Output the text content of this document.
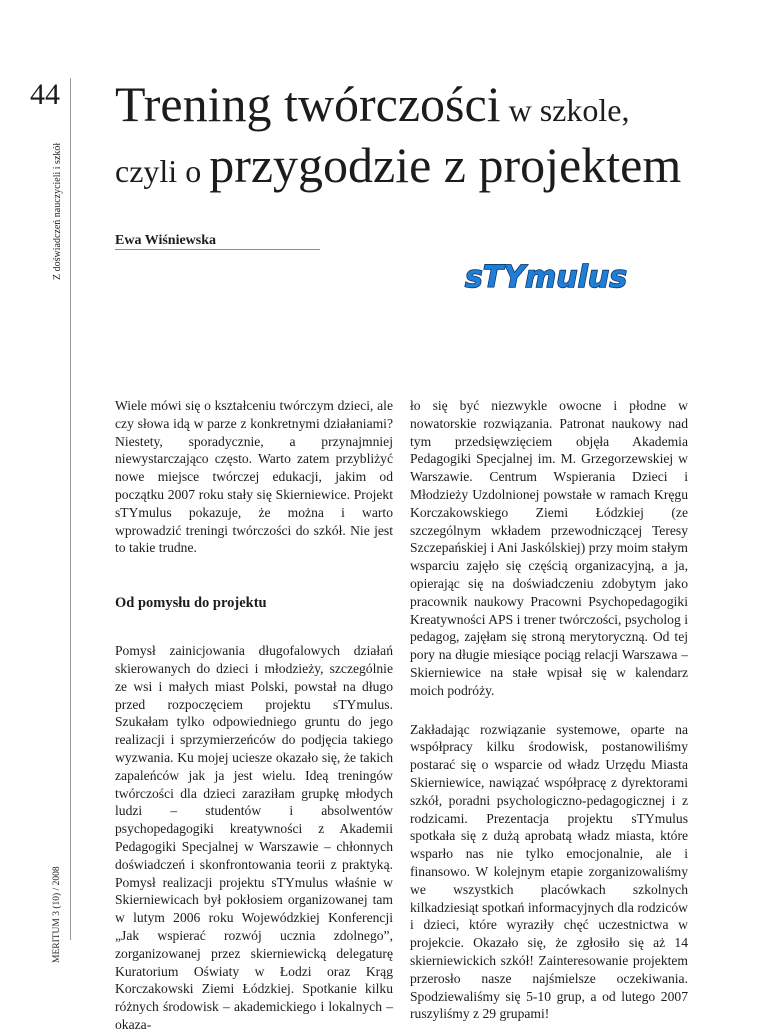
44
Z doświadczeń nauczycieli i szkół
MERITUM 3 (10) / 2008
Trening twórczości w szkole,
czyli o przygodzie z projektem
Ewa Wiśniewska
sTYmulus

Wiele mówi się o kształceniu twórczym dzieci, ale czy słowa idą w parze z konkretnymi działaniami? Niestety, sporadycznie, a przynajmniej niewystarczająco często. Warto zatem przybliżyć nowe miejsce twórczej edukacji, jakim od początku 2007 roku stały się Skierniewice. Projekt sTYmulus pokazuje, że można i warto wprowadzić treningi twórczości do szkół. Nie jest to takie trudne.

Od pomysłu do projektu

Pomysł zainicjowania długofalowych działań skierowanych do dzieci i młodzieży, szczególnie ze wsi i małych miast Polski, powstał na długo przed rozpoczęciem projektu sTYmulus. Szukałam tylko odpowiedniego gruntu do jego realizacji i sprzymierzeńców do podjęcia takiego wyzwania. Ku mojej uciesze okazało się, że takich zapaleńców jak ja jest wielu. Ideą treningów twórczości dla dzieci zaraziłam grupkę młodych ludzi – studentów i absolwentów psychopedagogiki kreatywności z Akademii Pedagogiki Specjalnej w Warszawie – chłonnych doświadczeń i skonfrontowania teorii z praktyką. Pomysł realizacji projektu sTYmulus właśnie w Skierniewicach był pokłosiem organizowanej tam w lutym 2006 roku Wojewódzkiej Konferencji „Jak wspierać rozwój ucznia zdolnego”, zorganizowanej przez skierniewicką delegaturę Kuratorium Oświaty w Łodzi oraz Krąg Korczakowski Ziemi Łódzkiej. Spotkanie kilku różnych środowisk – akademickiego i lokalnych – okaza-

ło się być niezwykle owocne i płodne w nowatorskie rozwiązania. Patronat naukowy nad tym przedsięwzięciem objęła Akademia Pedagogiki Specjalnej im. M. Grzegorzewskiej w Warszawie. Centrum Wspierania Dzieci i Młodzieży Uzdolnionej powstałe w ramach Kręgu Korczakowskiego Ziemi Łódzkiej (ze szczególnym wkładem przewodniczącej Teresy Szczepańskiej i Ani Jaskólskiej) przy moim stałym wsparciu zajęło się częścią organizacyjną, a ja, opierając się na doświadczeniu zdobytym jako pracownik naukowy Pracowni Psychopedagogiki Kreatywności APS i trener twórczości, psycholog i pedagog, zajęłam się stroną merytoryczną. Od tej pory na długie miesiące pociąg relacji Warszawa – Skierniewice na stałe wpisał się w kalendarz moich podróży.

Zakładając rozwiązanie systemowe, oparte na współpracy kilku środowisk, postanowiliśmy postarać się o wsparcie od władz Urzędu Miasta Skierniewice, nawiązać współpracę z dyrektorami szkół, poradni psychologiczno-pedagogicznej i z rodzicami. Prezentacja projektu sTYmulus spotkała się z dużą aprobatą władz miasta, które wsparło nas nie tylko emocjonalnie, ale i finansowo. W kolejnym etapie zorganizowaliśmy we wszystkich placówkach szkolnych kilkadziesiąt spotkań informacyjnych dla rodziców i dzieci, które wyraziły chęć uczestnictwa w projekcie. Okazało się, że zgłosiło się aż 14 skierniewickich szkół! Zainteresowanie projektem przerosło nasze najśmielsze oczekiwania. Spodziewaliśmy się 5-10 grup, a od lutego 2007 ruszyliśmy z 29 grupami!
